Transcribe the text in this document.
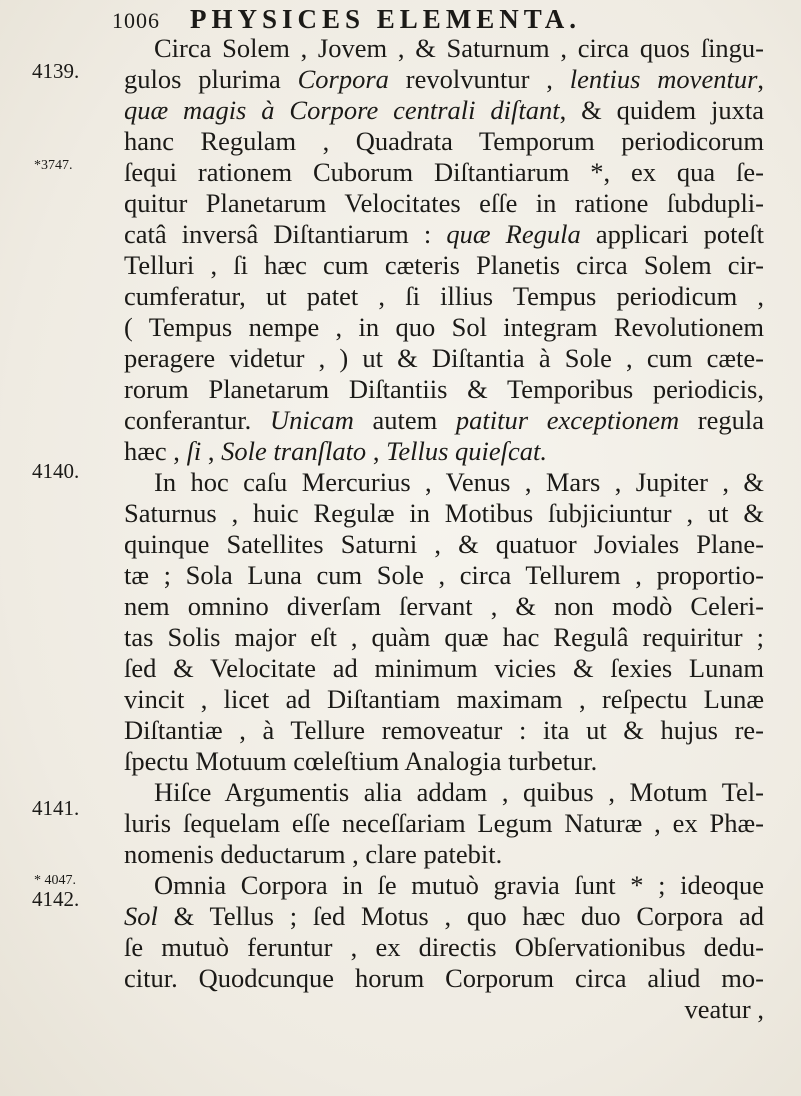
1006 PHYSICES ELEMENTA.
4139.
*3747.
4140.
4141.
* 4047.
4142.
Circa Solem , Jovem , & Saturnum , circa quos ſingu-
gulos plurima Corpora revolvuntur , lentius moventur,
quæ magis à Corpore centrali diſtant, & quidem juxta
hanc Regulam , Quadrata Temporum periodicorum
ſequi rationem Cuborum Diſtantiarum *, ex qua ſe-
quitur Planetarum Velocitates eſſe in ratione ſubdupli-
catâ inversâ Diſtantiarum : quæ Regula applicari poteſt
Telluri , ſi hæc cum cæteris Planetis circa Solem cir-
cumferatur, ut patet , ſi illius Tempus periodicum ,
( Tempus nempe , in quo Sol integram Revolutionem
peragere videtur , ) ut & Diſtantia à Sole , cum cæte-
rorum Planetarum Diſtantiis & Temporibus periodicis,
conferantur. Unicam autem patitur exceptionem regula
hæc , ſi , Sole tranſlato , Tellus quieſcat.
In hoc caſu Mercurius , Venus , Mars , Jupiter , &
Saturnus , huic Regulæ in Motibus ſubjiciuntur , ut &
quinque Satellites Saturni , & quatuor Joviales Plane-
tæ ; Sola Luna cum Sole , circa Tellurem , proportio-
nem omnino diverſam ſervant , & non modò Celeri-
tas Solis major eſt , quàm quæ hac Regulâ requiritur ;
ſed & Velocitate ad minimum vicies & ſexies Lunam
vincit , licet ad Diſtantiam maximam , reſpectu Lunæ
Diſtantiæ , à Tellure removeatur : ita ut & hujus re-
ſpectu Motuum cœleſtium Analogia turbetur.
Hiſce Argumentis alia addam , quibus , Motum Tel-
luris ſequelam eſſe neceſſariam Legum Naturæ , ex Phæ-
nomenis deductarum , clare patebit.
Omnia Corpora in ſe mutuò gravia ſunt * ; ideoque
Sol & Tellus ; ſed Motus , quo hæc duo Corpora ad
ſe mutuò feruntur , ex directis Obſervationibus dedu-
citur. Quodcunque horum Corporum circa aliud mo-
veatur ,
